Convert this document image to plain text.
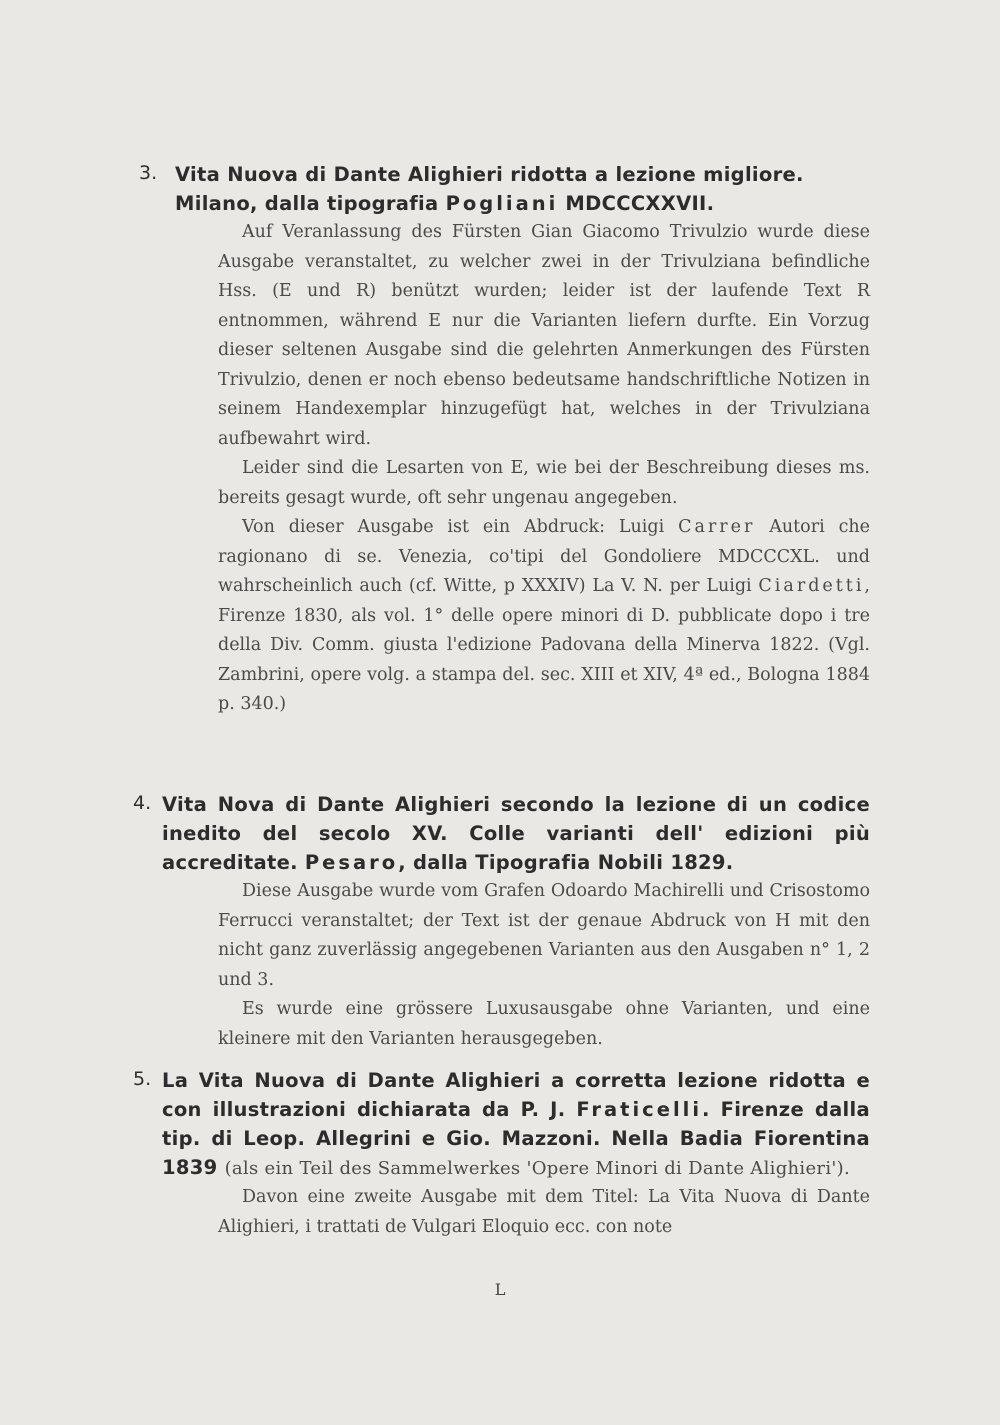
3. Vita Nuova di Dante Alighieri ridotta a lezione migliore.
Milano, dalla tipografia Pogliani MDCCCXXVII.

Auf Veranlassung des Fürsten Gian Giacomo Trivulzio wurde diese Ausgabe veranstaltet, zu welcher zwei in der Trivulziana befindliche Hss. (E und R) benützt wurden; leider ist der laufende Text R entnommen, während E nur die Varianten liefern durfte. Ein Vorzug dieser seltenen Ausgabe sind die gelehrten Anmerkungen des Fürsten Trivulzio, denen er noch ebenso bedeutsame handschriftliche Notizen in seinem Handexemplar hinzugefügt hat, welches in der Trivulziana aufbewahrt wird.

Leider sind die Lesarten von E, wie bei der Beschreibung dieses ms. bereits gesagt wurde, oft sehr ungenau angegeben.

Von dieser Ausgabe ist ein Abdruck: Luigi Carrer Autori che ragionano di se. Venezia, co'tipi del Gondoliere MDCCCXL. und wahrscheinlich auch (cf. Witte, p XXXIV) La V. N. per Luigi Ciardetti, Firenze 1830, als vol. 1° delle opere minori di D. pubblicate dopo i tre della Div. Comm. giusta l'edizione Padovana della Minerva 1822. (Vgl. Zambrini, opere volg. a stampa del. sec. XIII et XIV, 4ª ed., Bologna 1884 p. 340.)

4. Vita Nova di Dante Alighieri secondo la lezione di un codice inedito del secolo XV. Colle varianti dell' edizioni più accreditate. Pesaro, dalla Tipografia Nobili 1829.

Diese Ausgabe wurde vom Grafen Odoardo Machirelli und Crisostomo Ferrucci veranstaltet; der Text ist der genaue Abdruck von H mit den nicht ganz zuverlässig angegebenen Varianten aus den Ausgaben n° 1, 2 und 3.

Es wurde eine grössere Luxusausgabe ohne Varianten, und eine kleinere mit den Varianten herausgegeben.

5. La Vita Nuova di Dante Alighieri a corretta lezione ridotta e con illustrazioni dichiarata da P. J. Fraticelli. Firenze dalla tip. di Leop. Allegrini e Gio. Mazzoni. Nella Badia Fiorentina 1839 (als ein Teil des Sammelwerkes 'Opere Minori di Dante Alighieri').

Davon eine zweite Ausgabe mit dem Titel: La Vita Nuova di Dante Alighieri, i trattati de Vulgari Eloquio ecc. con note

L
